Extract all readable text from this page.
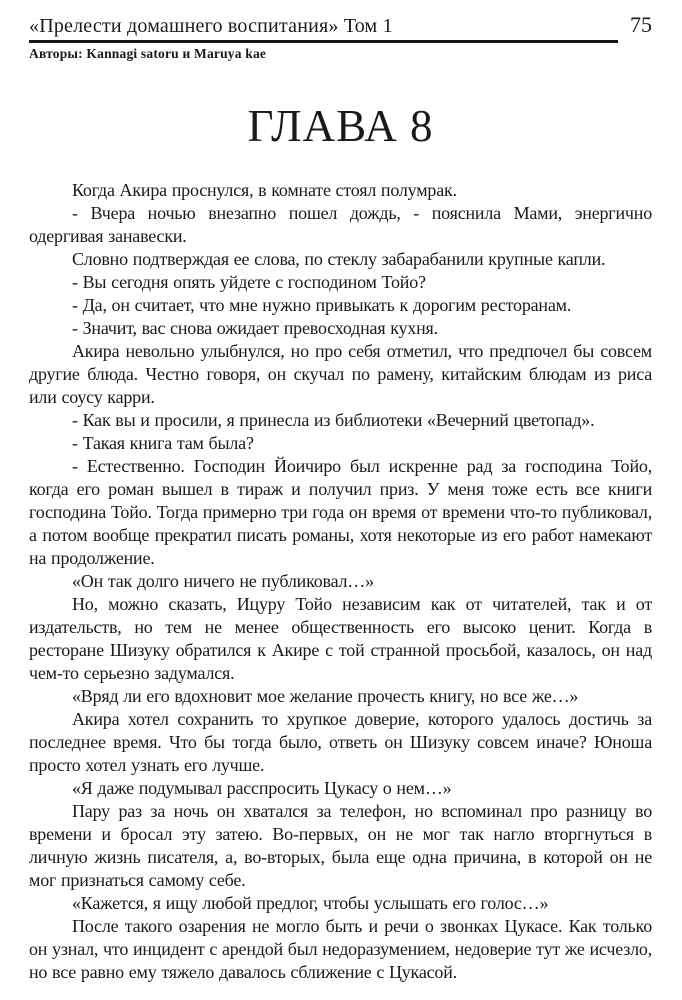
«Прелести домашнего воспитания» Том 1	75
Авторы: Kannagi satoru и Maruya kae
ГЛАВА 8

Когда Акира проснулся, в комнате стоял полумрак.

- Вчера ночью внезапно пошел дождь, - пояснила Мами, энергично одергивая занавески.

Словно подтверждая ее слова, по стеклу забарабанили крупные капли.

- Вы сегодня опять уйдете с господином Тойо?

- Да, он считает, что мне нужно привыкать к дорогим ресторанам.

- Значит, вас снова ожидает превосходная кухня.

Акира невольно улыбнулся, но про себя отметил, что предпочел бы совсем другие блюда. Честно говоря, он скучал по рамену, китайским блюдам из риса или соусу карри.

- Как вы и просили, я принесла из библиотеки «Вечерний цветопад».

- Такая книга там была?

- Естественно. Господин Йоичиро был искренне рад за господина Тойо, когда его роман вышел в тираж и получил приз. У меня тоже есть все книги господина Тойо. Тогда примерно три года он время от времени что-то публиковал, а потом вообще прекратил писать романы, хотя некоторые из его работ намекают на продолжение.

«Он так долго ничего не публиковал…»

Но, можно сказать, Ицуру Тойо независим как от читателей, так и от издательств, но тем не менее общественность его высоко ценит. Когда в ресторане Шизуку обратился к Акире с той странной просьбой, казалось, он над чем-то серьезно задумался.

«Вряд ли его вдохновит мое желание прочесть книгу, но все же…»

Акира хотел сохранить то хрупкое доверие, которого удалось достичь за последнее время. Что бы тогда было, ответь он Шизуку совсем иначе? Юноша просто хотел узнать его лучше.

«Я даже подумывал расспросить Цукасу о нем…»

Пару раз за ночь он хватался за телефон, но вспоминал про разницу во времени и бросал эту затею. Во-первых, он не мог так нагло вторгнуться в личную жизнь писателя, а, во-вторых, была еще одна причина, в которой он не мог признаться самому себе.

«Кажется, я ищу любой предлог, чтобы услышать его голос…»

После такого озарения не могло быть и речи о звонках Цукасе. Как только он узнал, что инцидент с арендой был недоразумением, недоверие тут же исчезло, но все равно ему тяжело давалось сближение с Цукасой.
